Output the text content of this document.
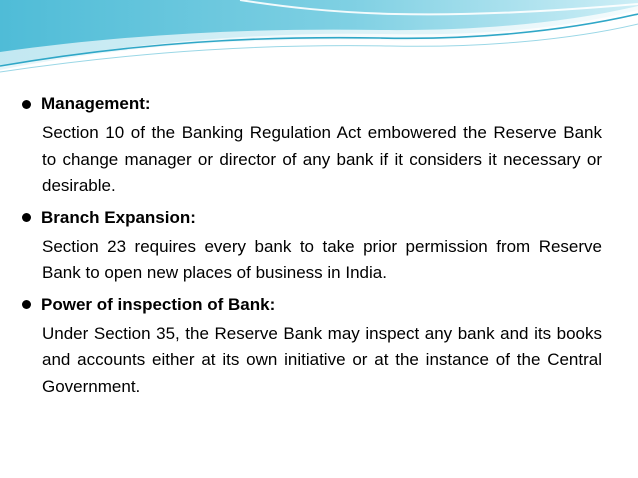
Management:

Section 10 of the Banking Regulation Act embowered the Reserve Bank to change manager or director of any bank if it considers it necessary or desirable.

Branch Expansion:

Section 23 requires every bank to take prior permission from Reserve Bank to open new places of business in India.

Power of inspection of Bank:

Under Section 35, the Reserve Bank may inspect any bank and its books and accounts either at its own initiative or at the instance of the Central Government.
